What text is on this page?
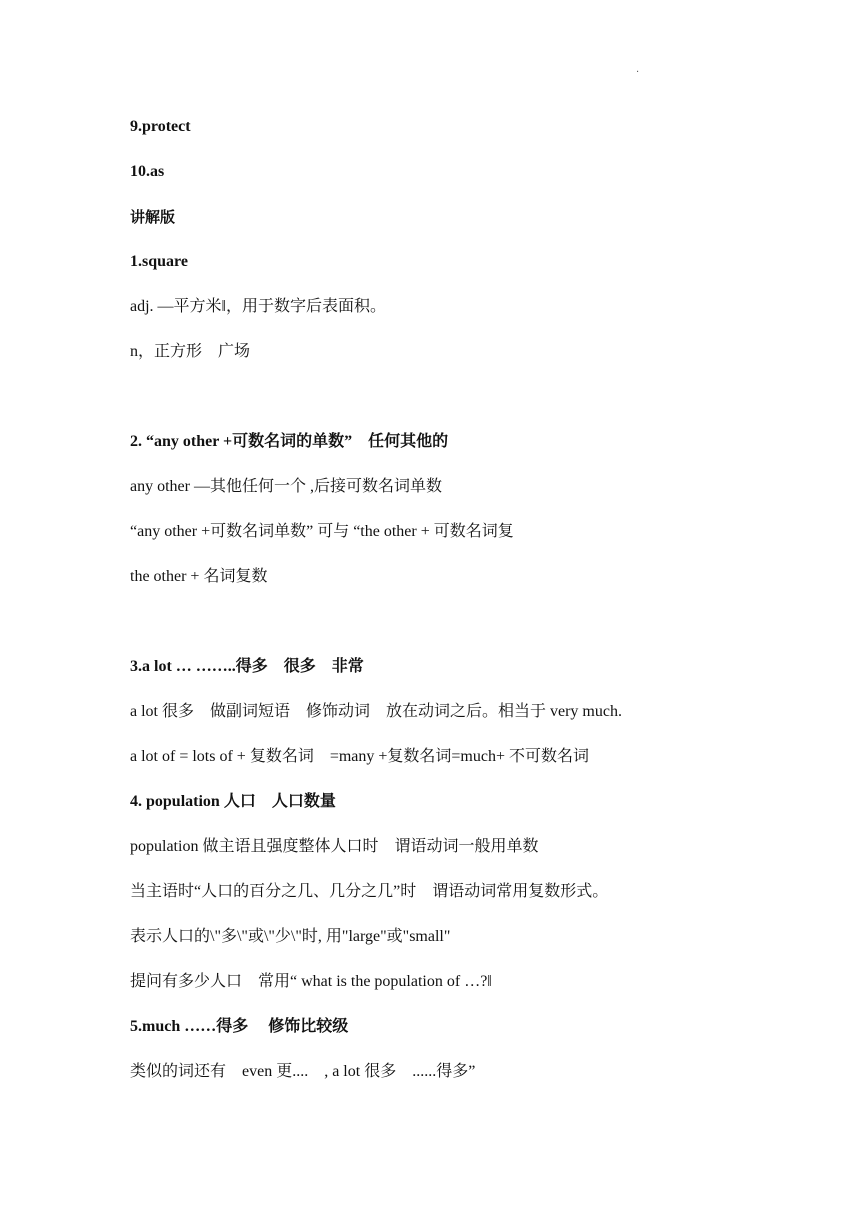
.

9.protect

10.as

讲解版

1.square

adj. —平方米‖，用于数字后表面积。

n，正方形　广场

2. “any other +可数名词的单数”　任何其他的

any other —其他任何一个 ,后接可数名词单数

“any other +可数名词单数” 可与 “the other + 可数名词复

the other + 名词复数

3.a lot … ……..得多　很多　非常

a lot 很多　做副词短语　修饰动词　放在动词之后。相当于 very much.

a lot of = lots of + 复数名词　=many +复数名词=much+ 不可数名词

4. population 人口　人口数量

population 做主语且强度整体人口时　谓语动词一般用单数

当主语时“人口的百分之几、几分之几”时　谓语动词常用复数形式。

表示人口的\"多\"或\"少\"时, 用"large"或"small"

提问有多少人口　常用“ what is the population of …?‖

5.much ……得多　 修饰比较级

类似的词还有　even 更....　, a lot 很多　......得多”
